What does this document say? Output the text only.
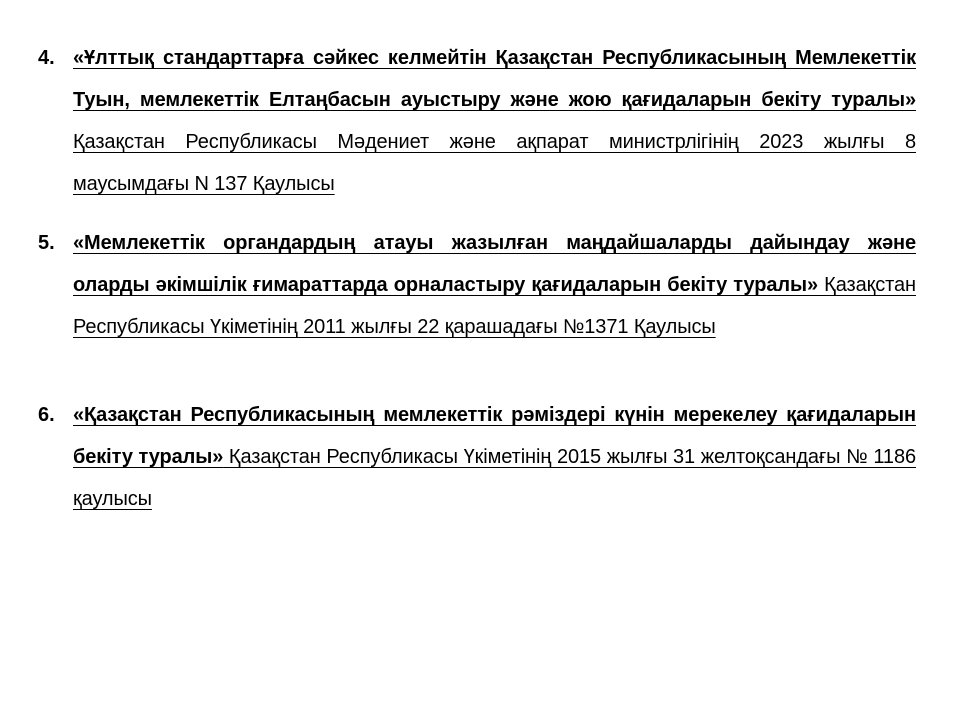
4. «Ұлттық стандарттарға сәйкес келмейтін Қазақстан Республикасының Мемлекеттік Туын, мемлекеттік Елтаңбасын ауыстыру және жою қағидаларын бекіту туралы» Қазақстан Республикасы Мәдениет және ақпарат министрлігінің 2023 жылғы 8 маусымдағы N 137 Қаулысы
5. «Мемлекеттік органдардың атауы жазылған маңдайшаларды дайындау және оларды әкімшілік ғимараттарда орналастыру қағидаларын бекіту туралы» Қазақстан Республикасы Үкіметінің 2011 жылғы 22 қарашадағы №1371 Қаулысы
6. «Қазақстан Республикасының мемлекеттік рәміздері күнін мерекелеу қағидаларын бекіту туралы» Қазақстан Республикасы Үкіметінің 2015 жылғы 31 желтоқсандағы № 1186 қаулысы
